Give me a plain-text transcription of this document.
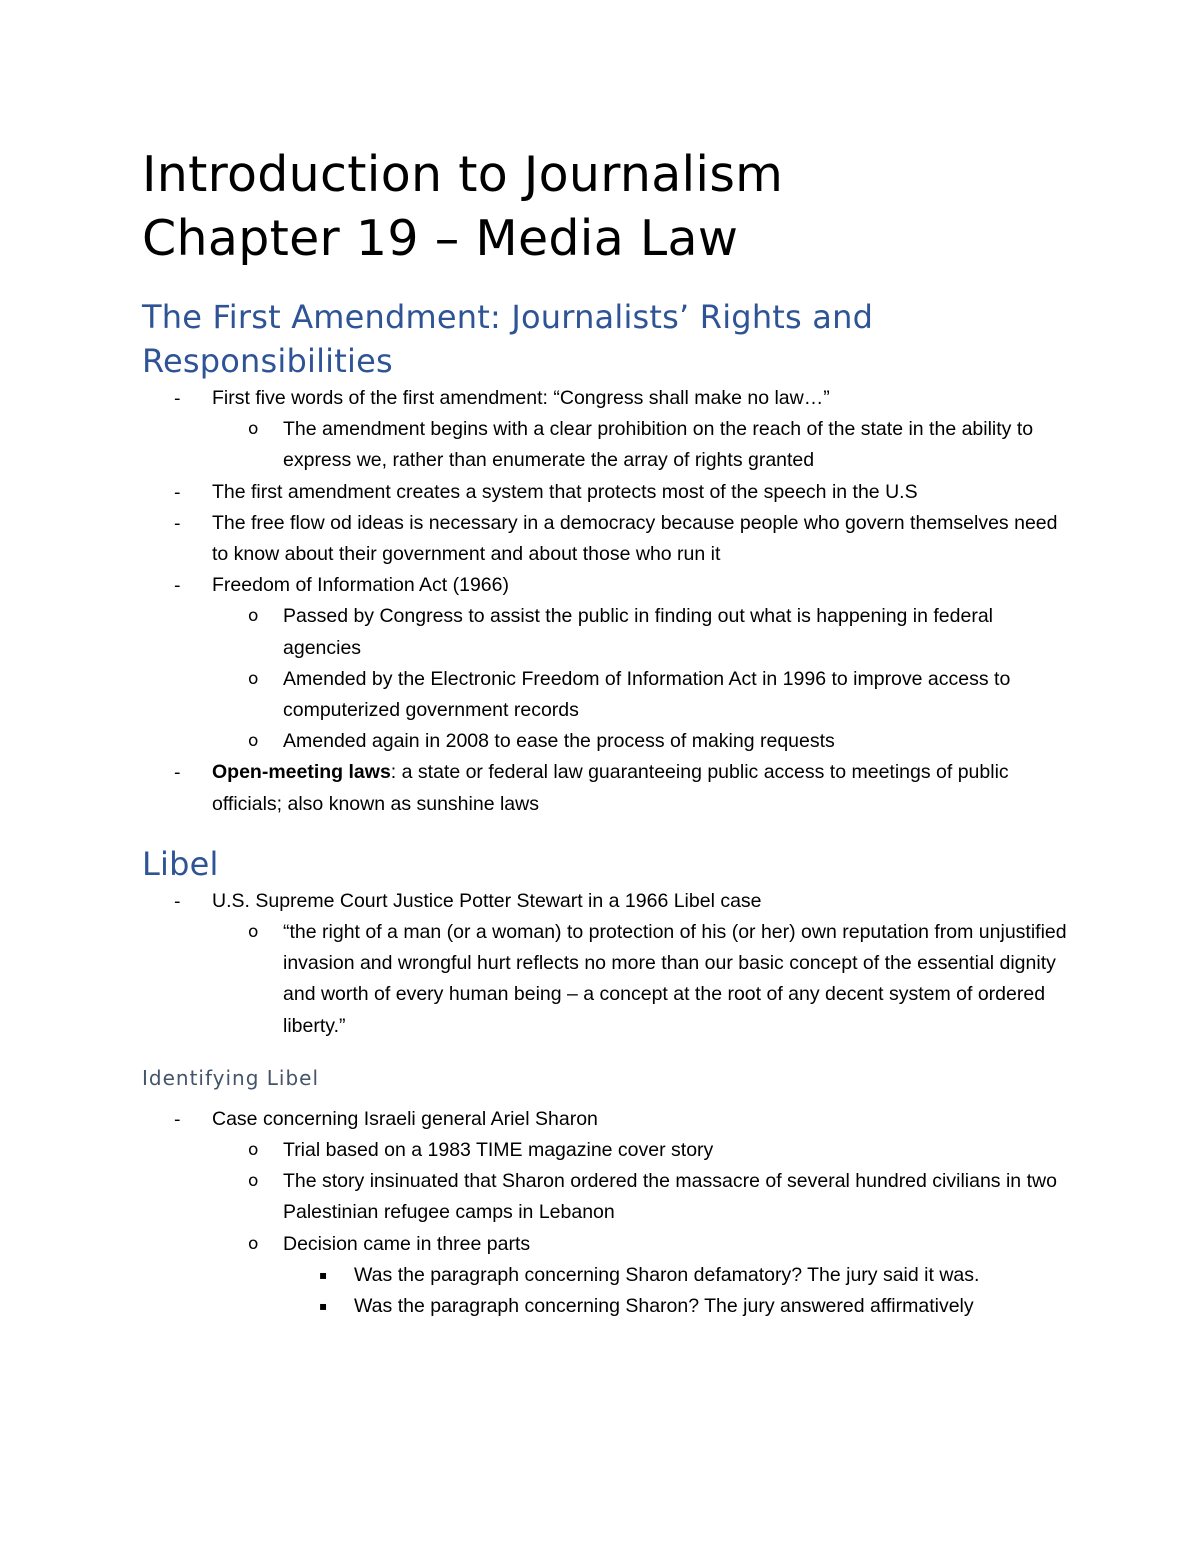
Introduction to Journalism
Chapter 19 – Media Law
The First Amendment: Journalists’ Rights and Responsibilities
- First five words of the first amendment: “Congress shall make no law…”
o The amendment begins with a clear prohibition on the reach of the state in the ability to express we, rather than enumerate the array of rights granted
- The first amendment creates a system that protects most of the speech in the U.S
- The free flow od ideas is necessary in a democracy because people who govern themselves need to know about their government and about those who run it
- Freedom of Information Act (1966)
o Passed by Congress to assist the public in finding out what is happening in federal agencies
o Amended by the Electronic Freedom of Information Act in 1996 to improve access to computerized government records
o Amended again in 2008 to ease the process of making requests
- Open-meeting laws: a state or federal law guaranteeing public access to meetings of public officials; also known as sunshine laws
Libel
- U.S. Supreme Court Justice Potter Stewart in a 1966 Libel case
o “the right of a man (or a woman) to protection of his (or her) own reputation from unjustified invasion and wrongful hurt reflects no more than our basic concept of the essential dignity and worth of every human being – a concept at the root of any decent system of ordered liberty.”
Identifying Libel
- Case concerning Israeli general Ariel Sharon
o Trial based on a 1983 TIME magazine cover story
o The story insinuated that Sharon ordered the massacre of several hundred civilians in two Palestinian refugee camps in Lebanon
o Decision came in three parts
▪ Was the paragraph concerning Sharon defamatory? The jury said it was.
▪ Was the paragraph concerning Sharon? The jury answered affirmatively
